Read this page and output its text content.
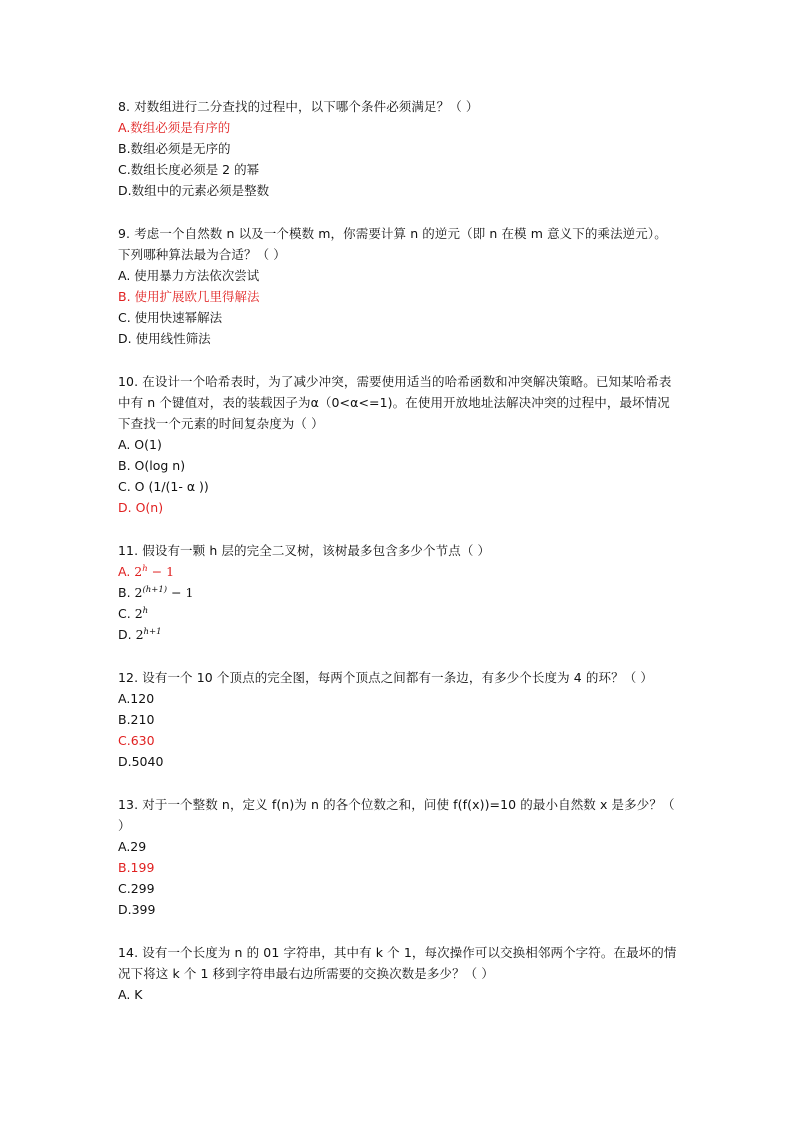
8. 对数组进行二分查找的过程中，以下哪个条件必须满足？（ ）

A.数组必须是有序的

B.数组必须是无序的

C.数组长度必须是 2 的幂

D.数组中的元素必须是整数

9. 考虑一个自然数 n 以及一个模数 m，你需要计算 n 的逆元（即 n 在模 m 意义下的乘法逆元）。下列哪种算法最为合适？（ ）

A. 使用暴力方法依次尝试

B. 使用扩展欧几里得解法

C. 使用快速幂解法

D. 使用线性筛法

10. 在设计一个哈希表时，为了减少冲突，需要使用适当的哈希函数和冲突解决策略。已知某哈希表中有 n 个键值对，表的装载因子为α（0<α<=1)。在使用开放地址法解决冲突的过程中，最坏情况下查找一个元素的时间复杂度为（ ）

A. O(1)

B. O(log n)

C. O (1/(1- α ))

D. O(n)

11. 假设有一颗 h 层的完全二叉树，该树最多包含多少个节点（ ）

A. $2^h - 1$

B. $2^{(h+1)} - 1$

C. 2$^h$

D. $2^{h+1}$

12. 设有一个 10 个顶点的完全图，每两个顶点之间都有一条边，有多少个长度为 4 的环？（ ）

A.120

B.210

C.630

D.5040

13. 对于一个整数 n，定义 f(n)为 n 的各个位数之和，问使 f(f(x))=10 的最小自然数 x 是多少？（ ）

A.29

B.199

C.299

D.399

14. 设有一个长度为 n 的 01 字符串，其中有 k 个 1，每次操作可以交换相邻两个字符。在最坏的情况下将这 k 个 1 移到字符串最右边所需要的交换次数是多少？（ ）

A. K
